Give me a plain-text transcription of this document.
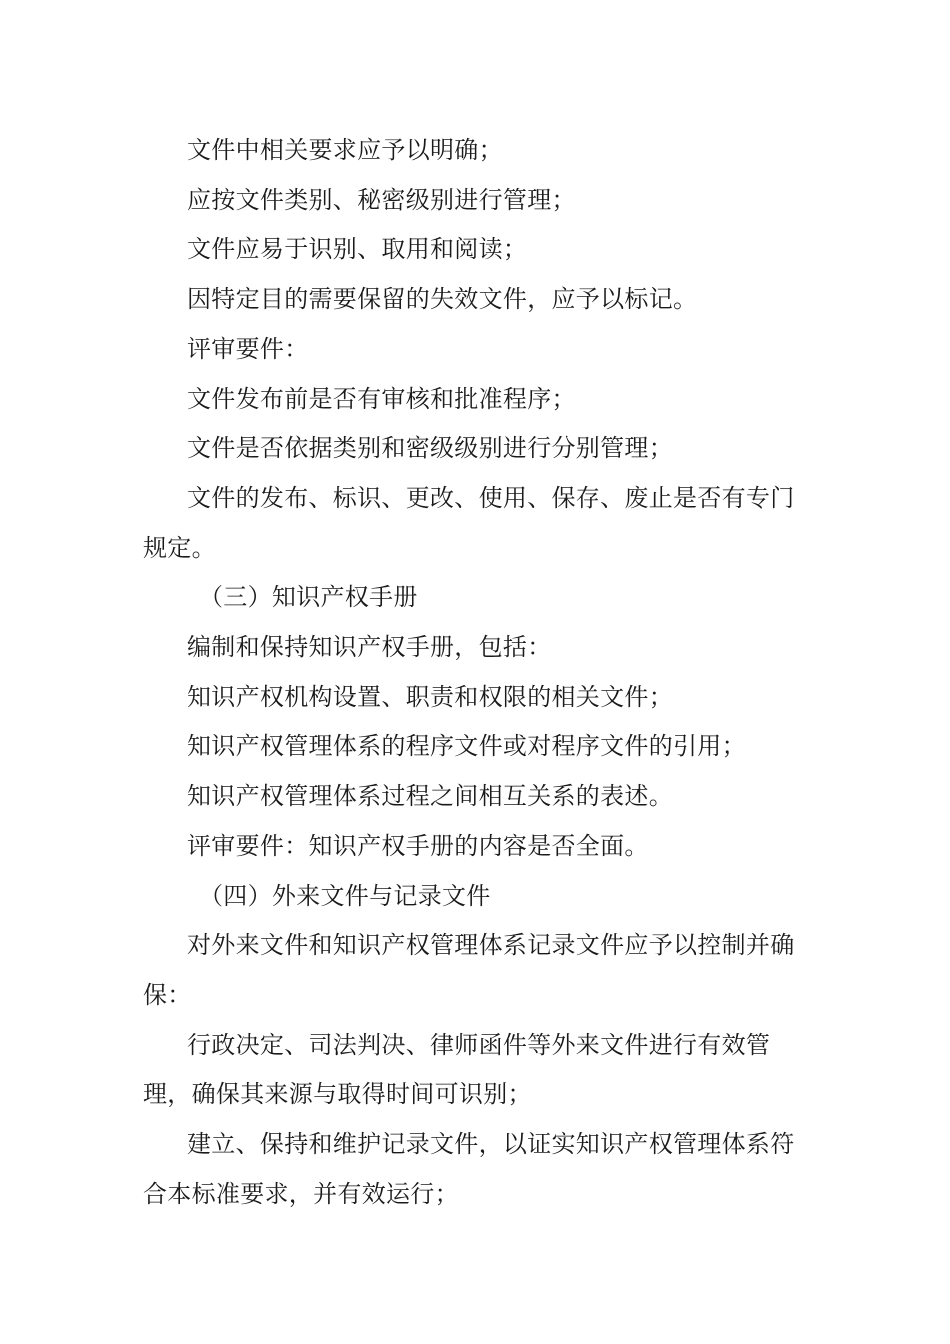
文件中相关要求应予以明确；

应按文件类别、秘密级别进行管理；

文件应易于识别、取用和阅读；

因特定目的需要保留的失效文件，应予以标记。

评审要件：

文件发布前是否有审核和批准程序；

文件是否依据类别和密级级别进行分别管理；

文件的发布、标识、更改、使用、保存、废止是否有专门规定。

（三）知识产权手册

编制和保持知识产权手册，包括：

知识产权机构设置、职责和权限的相关文件；

知识产权管理体系的程序文件或对程序文件的引用；

知识产权管理体系过程之间相互关系的表述。

评审要件：知识产权手册的内容是否全面。

（四）外来文件与记录文件

对外来文件和知识产权管理体系记录文件应予以控制并确保：

行政决定、司法判决、律师函件等外来文件进行有效管理，确保其来源与取得时间可识别；

建立、保持和维护记录文件，以证实知识产权管理体系符合本标准要求，并有效运行；
